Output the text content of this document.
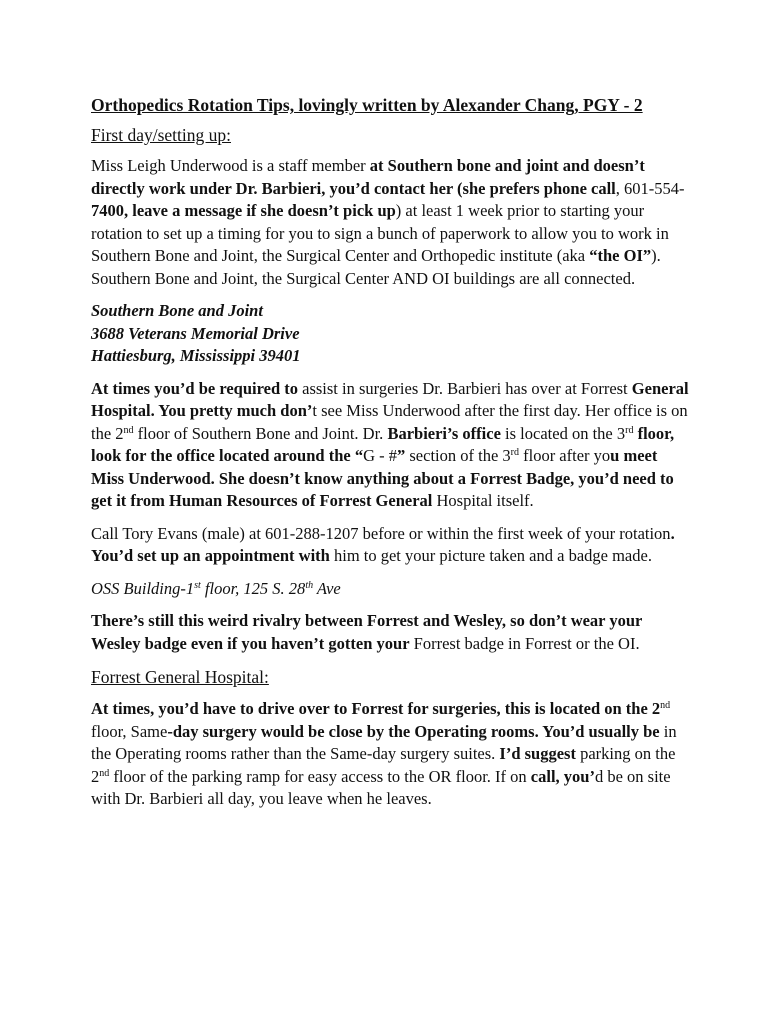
Orthopedics Rotation Tips, lovingly written by Alexander Chang, PGY - 2
First day/setting up:

Miss Leigh Underwood is a staff member at Southern bone and joint and doesn’t directly work under Dr. Barbieri, you’d contact her (she prefers phone call, 601-554-7400, leave a message if she doesn’t pick up) at least 1 week prior to starting your rotation to set up a timing for you to sign a bunch of paperwork to allow you to work in Southern Bone and Joint, the Surgical Center and Orthopedic institute (aka “the OI”). Southern Bone and Joint, the Surgical Center AND OI buildings are all connected.

Southern Bone and Joint
3688 Veterans Memorial Drive
Hattiesburg, Mississippi 39401

At times you’d be required to assist in surgeries Dr. Barbieri has over at Forrest General Hospital. You pretty much don’t see Miss Underwood after the first day. Her office is on the 2nd floor of Southern Bone and Joint. Dr. Barbieri’s office is located on the 3rd floor, look for the office located around the “G - #” section of the 3rd floor after you meet Miss Underwood. She doesn’t know anything about a Forrest Badge, you’d need to get it from Human Resources of Forrest General Hospital itself.

Call Tory Evans (male) at 601-288-1207 before or within the first week of your rotation. You’d set up an appointment with him to get your picture taken and a badge made.

OSS Building-1st floor, 125 S. 28th Ave

There’s still this weird rivalry between Forrest and Wesley, so don’t wear your Wesley badge even if you haven’t gotten your Forrest badge in Forrest or the OI.

Forrest General Hospital:

At times, you’d have to drive over to Forrest for surgeries, this is located on the 2nd floor, Same-day surgery would be close by the Operating rooms. You’d usually be in the Operating rooms rather than the Same-day surgery suites. I’d suggest parking on the 2nd floor of the parking ramp for easy access to the OR floor. If on call, you’d be on site with Dr. Barbieri all day, you leave when he leaves.
